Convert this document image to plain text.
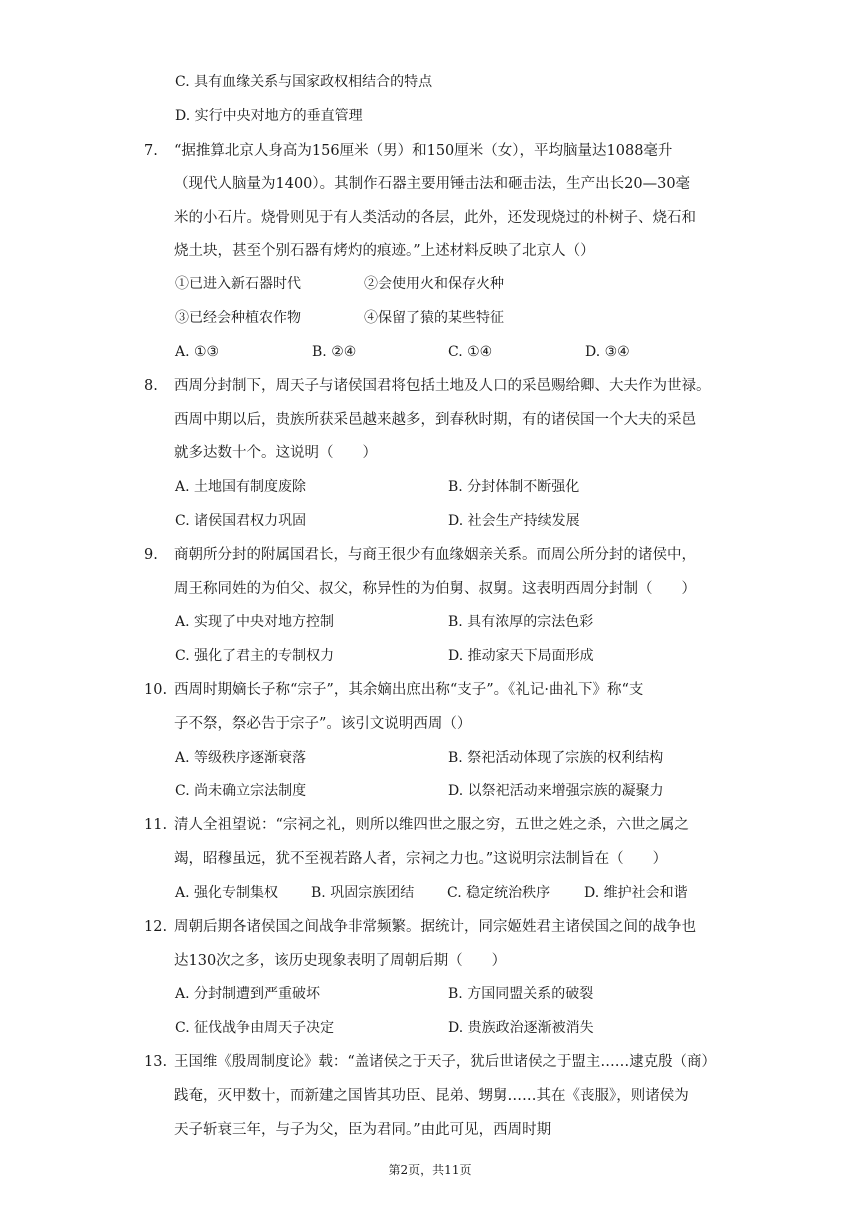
C. 具有血缘关系与国家政权相结合的特点
D. 实行中央对地方的垂直管理
7. “据推算北京人身高为156厘米（男）和150厘米（女），平均脑量达1088毫升
（现代人脑量为1400）。其制作石器主要用锤击法和砸击法，生产出长20—30毫
米的小石片。烧骨则见于有人类活动的各层，此外，还发现烧过的朴树子、烧石和
烧土块，甚至个别石器有烤灼的痕迹。”上述材料反映了北京人（）
①已进入新石器时代	②会使用火和保存火种
③已经会种植农作物	④保留了猿的某些特征
A. ①③	B. ②④	C. ①④	D. ③④
8. 西周分封制下，周天子与诸侯国君将包括土地及人口的采邑赐给卿、大夫作为世禄。
西周中期以后，贵族所获采邑越来越多，到春秋时期，有的诸侯国一个大夫的采邑
就多达数十个。这说明（　　）
A. 土地国有制度废除	B. 分封体制不断强化
C. 诸侯国君权力巩固	D. 社会生产持续发展
9. 商朝所分封的附属国君长，与商王很少有血缘姻亲关系。而周公所分封的诸侯中，
周王称同姓的为伯父、叔父，称异性的为伯舅、叔舅。这表明西周分封制（　　）
A. 实现了中央对地方控制	B. 具有浓厚的宗法色彩
C. 强化了君主的专制权力	D. 推动家天下局面形成
10. 西周时期嫡长子称“宗子”，其余嫡出庶出称“支子”。《礼记·曲礼下》称“支
子不祭，祭必告于宗子”。该引文说明西周（）
A. 等级秩序逐渐衰落	B. 祭祀活动体现了宗族的权利结构
C. 尚未确立宗法制度	D. 以祭祀活动来增强宗族的凝聚力
11. 清人全祖望说：“宗祠之礼，则所以维四世之服之穷，五世之姓之杀，六世之属之
竭，昭穆虽远，犹不至视若路人者，宗祠之力也。”这说明宗法制旨在（　　）
A. 强化专制集权 B. 巩固宗族团结 C. 稳定统治秩序 D. 维护社会和谐
12. 周朝后期各诸侯国之间战争非常频繁。据统计，同宗姬姓君主诸侯国之间的战争也
达130次之多，该历史现象表明了周朝后期（　　）
A. 分封制遭到严重破坏	B. 方国同盟关系的破裂
C. 征伐战争由周天子决定	D. 贵族政治逐渐被消失
13. 王国维《殷周制度论》载：“盖诸侯之于天子，犹后世诸侯之于盟主……逮克殷（商）
践奄，灭甲数十，而新建之国皆其功臣、昆弟、甥舅……其在《丧服》，则诸侯为
天子斩衰三年，与子为父，臣为君同。”由此可见，西周时期
第2页，共11页
